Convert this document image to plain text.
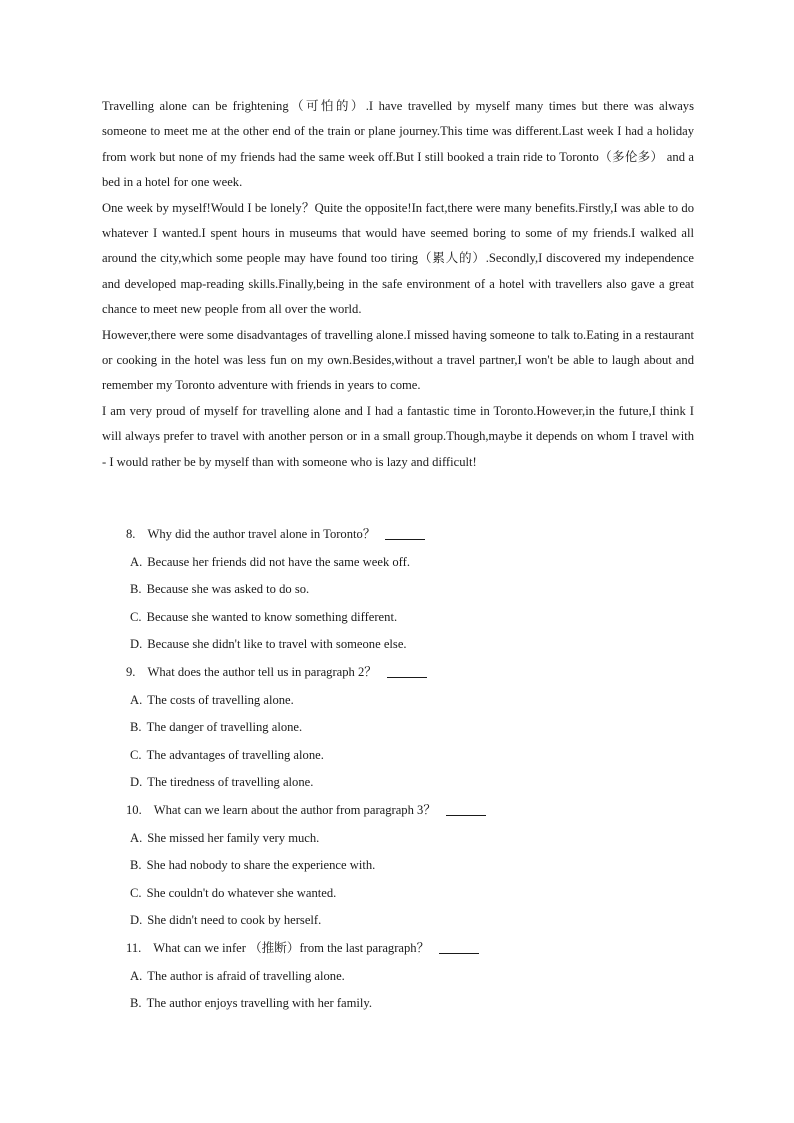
Travelling alone can be frightening（可怕的）.I have travelled by myself many times but there was always someone to meet me at the other end of the train or plane journey.This time was different.Last week I had a holiday from work but none of my friends had the same week off.But I still booked a train ride to Toronto（多伦多） and a bed in a hotel for one week.

One week by myself!Would I be lonely？Quite the opposite!In fact,there were many benefits.Firstly,I was able to do whatever I wanted.I spent hours in museums that would have seemed boring to some of my friends.I walked all around the city,which some people may have found too tiring（累人的）.Secondly,I discovered my independence and developed map-reading skills.Finally,being in the safe environment of a hotel with travellers also gave a great chance to meet new people from all over the world.

However,there were some disadvantages of travelling alone.I missed having someone to talk to.Eating in a restaurant or cooking in the hotel was less fun on my own.Besides,without a travel partner,I won't be able to laugh about and remember my Toronto adventure with friends in years to come.

I am very proud of myself for travelling alone and I had a fantastic time in Toronto.However,in the future,I think I will always prefer to travel with another person or in a small group.Though,maybe it depends on whom I travel with - I would rather be by myself than with someone who is lazy and difficult!

8. Why did the author travel alone in Toronto？
A. Because her friends did not have the same week off.
B. Because she was asked to do so.
C. Because she wanted to know something different.
D. Because she didn't like to travel with someone else.
9. What does the author tell us in paragraph 2？
A. The costs of travelling alone.
B. The danger of travelling alone.
C. The advantages of travelling alone.
D. The tiredness of travelling alone.
10. What can we learn about the author from paragraph 3？
A. She missed her family very much.
B. She had nobody to share the experience with.
C. She couldn't do whatever she wanted.
D. She didn't need to cook by herself.
11. What can we infer （推断）from the last paragraph？
A. The author is afraid of travelling alone.
B. The author enjoys travelling with her family.
